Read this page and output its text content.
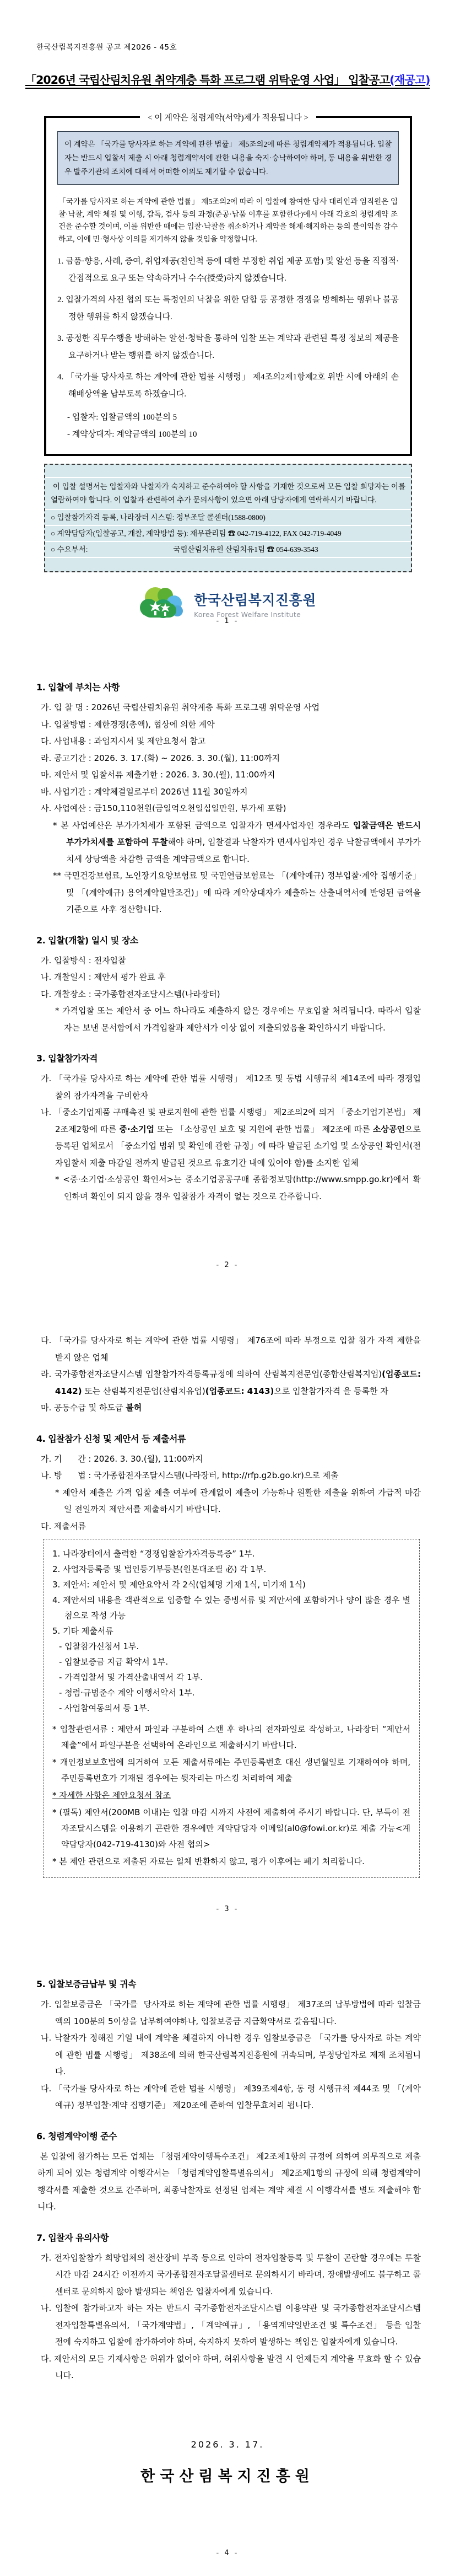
한국산림복지진흥원 공고 제2026 - 45호

「2026년 국립산림치유원 취약계층 특화 프로그램 위탁운영 사업」 입찰공고(재공고)
< 이 계약은 청렴계약(서약)제가 적용됩니다 >
이 계약은 「국가를 당사자로 하는 계약에 관한 법률」 제5조의2에 따른 청렴계약제가 적용됩니다. 입찰자는 반드시 입찰서 제출 시 아래 청렴계약서에 관한 내용을 숙지·승낙하여야 하며, 동 내용을 위반한 경우 발주기관의 조치에 대해서 어떠한 이의도 제기할 수 없습니다.

「국가를 당사자로 하는 계약에 관한 법률」 제5조의2에 따라 이 입찰에 참여한 당사 대리인과 임직원은 입찰·낙찰, 계약 체결 및 이행, 감독, 검사 등의 과정(준공·납품 이후를 포함한다)에서 아래 각호의 청렴계약 조건을 준수할 것이며, 이를 위반한 때에는 입찰·낙찰을 취소하거나 계약을 해제·해지하는 등의 불이익을 감수하고, 이에 민·형사상 이의를 제기하지 않을 것임을 약정합니다.

1. 금품·향응, 사례, 증여, 취업제공(친인척 등에 대한 부정한 취업 제공 포함) 및 알선 등을 직접적·간접적으로 요구 또는 약속하거나 수수(授受)하지 않겠습니다.

2. 입찰가격의 사전 협의 또는 특정인의 낙찰을 위한 담합 등 공정한 경쟁을 방해하는 행위나 불공정한 행위를 하지 않겠습니다.

3. 공정한 직무수행을 방해하는 알선·청탁을 통하여 입찰 또는 계약과 관련된 특정 정보의 제공을 요구하거나 받는 행위를 하지 않겠습니다.

4. 「국가를 당사자로 하는 계약에 관한 법률 시행령」 제4조의2제1항제2호 위반 시에 아래의 손해배상액을 납부토록 하겠습니다.

- 입찰자: 입찰금액의 100분의 5

- 계약상대자: 계약금액의 100분의 10

이 입찰 설명서는 입찰자와 낙찰자가 숙지하고 준수하여야 할 사항을 기재한 것으로써 모든 입찰 희망자는 이를 열람하여야 합니다. 이 입찰과 관련하여 추가 문의사항이 있으면 아래 담당자에게 연락하시기 바랍니다.
○ 입찰참가자격 등록, 나라장터 시스템: 정부조달 콜센터(1588-0800)
○ 계약담당자(입찰공고, 개찰, 계약방법 등): 재무관리팀 ☎ 042-719-4122, FAX 042-719-4049
○ 수요부서:	국립산림치유원 산림치유1팀 ☎ 054-639-3543
한국산림복지진흥원
Korea Forest Welfare Institute
- 1 -
1. 입찰에 부치는 사항

가. 입 찰 명 : 2026년 국립산림치유원 취약계층 특화 프로그램 위탁운영 사업

나. 입찰방법 : 제한경쟁(총액), 협상에 의한 계약

다. 사업내용 : 과업지시서 및 제안요청서 참고

라. 공고기간 : 2026. 3. 17.(화) ~ 2026. 3. 30.(월), 11:00까지

마. 제안서 및 입찰서류 제출기한 : 2026. 3. 30.(월), 11:00까지

바. 사업기간 : 계약체결일로부터 2026년 11월 30일까지

사. 사업예산 : 금150,110천원(금일억오천일십일만원, 부가세 포함)

* 본 사업예산은 부가가치세가 포함된 금액으로 입찰자가 면세사업자인 경우라도 입찰금액은 반드시 부가가치세를 포함하여 투찰해야 하며, 입찰결과 낙찰자가 면세사업자인 경우 낙찰금액에서 부가가치세 상당액을 차감한 금액을 계약금액으로 합니다.

** 국민건강보험료, 노인장기요양보험료 및 국민연금보험료는 「(계약예규) 정부입찰·계약 집행기준」 및 「(계약예규) 용역계약일반조건)」에 따라 계약상대자가 제출하는 산출내역서에 반영된 금액을 기준으로 사후 정산합니다.

2. 입찰(개찰) 일시 및 장소

가. 입찰방식 : 전자입찰

나. 개찰일시 : 제안서 평가 완료 후

다. 개찰장소 : 국가종합전자조달시스템(나라장터)

* 가격입찰 또는 제안서 중 어느 하나라도 제출하지 않은 경우에는 무효입찰 처리됩니다. 따라서 입찰자는 보낸 문서함에서 가격입찰과 제안서가 이상 없이 제출되었음을 확인하시기 바랍니다.

3. 입찰참가자격

가. 「국가를 당사자로 하는 계약에 관한 법률 시행령」 제12조 및 동법 시행규칙 제14조에 따라 경쟁입찰의 참가자격을 구비한자

나. 「중소기업제품 구매촉진 및 판로지원에 관한 법률 시행령」 제2조의2에 의거 「중소기업기본법」 제2조제2항에 따른 중·소기업 또는 「소상공인 보호 및 지원에 관한 법률」 제2조에 따른 소상공인으로 등록된 업체로서 「중소기업 범위 및 확인에 관한 규정」에 따라 발급된 소기업 및 소상공인 확인서(전자입찰서 제출 마감일 전까지 발급된 것으로 유효기간 내에 있어야 함)를 소지한 업체

* <중·소기업·소상공인 확인서>는 중소기업공공구매 종합정보망(http://www.smpp.go.kr)에서 확인하며 확인이 되지 않을 경우 입찰참가 자격이 없는 것으로 간주합니다.

- 2 -

다. 「국가를 당사자로 하는 계약에 관한 법률 시행령」 제76조에 따라 부정으로 입찰 참가 자격 제한을 받지 않은 업체

라. 국가종합전자조달시스템 입찰참가자격등록규정에 의하여 산림복지전문업(종합산림복지업)(업종코드: 4142) 또는 산림복지전문업(산림치유업)(업종코드: 4143)으로 입찰참가자격 을 등록한 자

마. 공동수급 및 하도급 불허

4. 입찰참가 신청 및 제안서 등 제출서류

가. 기      간 : 2026. 3. 30.(월), 11:00까지

나. 방      법 : 국가종합전자조달시스템(나라장터, http://rfp.g2b.go.kr)으로 제출

* 제안서 제출은 가격 입찰 제출 여부에 관계없이 제출이 가능하나 원활한 제출을 위하여 가급적 마감일 전일까지 제안서를 제출하시기 바랍니다.

다. 제출서류

1. 나라장터에서 출력한 “경쟁입찰참가자격등록증” 1부.

2. 사업자등록증 및 법인등기부등본(원본대조필 必) 각 1부.

3. 제안서: 제안서 및 제안요약서 각 2식(업체명 기재 1식, 미기재 1식)

4. 제안서의 내용을 객관적으로 입증할 수 있는 증빙서류 및 제안서에 포함하거나 양이 많을 경우 별첨으로 작성 가능

5. 기타 제출서류

- 입찰참가신청서 1부.

- 입찰보증금 지급 확약서 1부.

- 가격입찰서 및 가격산출내역서 각 1부.

- 청렴·규범준수 계약 이행서약서 1부.

- 사업참여동의서 등 1부.

* 입찰관련서류 : 제안서 파일과 구분하여 스캔 후 하나의 전자파일로 작성하고, 나라장터 “제안서 제출”에서 파일구분을 선택하여 온라인으로 제출하시기 바랍니다.

* 개인정보보호법에 의거하여 모든 제출서류에는 주민등록번호 대신 생년월일로 기재하여야 하며, 주민등록번호가 기재된 경우에는 뒷자리는 마스킹 처리하여 제출

* 자세한 사항은 제안요청서 참조

* (필독) 제안서(200MB 이내)는 입찰 마감 시까지 사전에 제출하여 주시기 바랍니다. 단, 부득이 전자조달시스템을 이용하기 곤란한 경우에만 계약담당자 이메일(al0@fowi.or.kr)로 제출 가능<계약담당자(042-719-4130)와 사전 협의>

* 본 제안 관련으로 제출된 자료는 일체 반환하지 않고, 평가 이후에는 폐기 처리합니다.

- 3 -
5. 입찰보증금납부 및 귀속

가. 입찰보증금은 「국가를  당사자로 하는 계약에 관한 법률 시행령」 제37조의 납부방법에 따라 입찰금액의 100분의 5이상을 납부하여야하나, 입찰보증금 지급확약서로 갈음됩니다.

나. 낙찰자가 정해진 기일 내에 계약을 체결하지 아니한 경우 입찰보증금은 「국가를 당사자로 하는 계약에 관한 법률 시행령」 제38조에 의해 한국산림복지진흥원에 귀속되며, 부정당업자로 제재 조치됩니다.

다. 「국가를 당사자로 하는 계약에 관한 법률 시행령」 제39조제4항, 동 령 시행규칙 제44조 및 「(계약예규) 정부입찰·계약 집행기준」 제20조에 준하여 입찰무효처리 됩니다.

6. 청렴계약이행 준수

본 입찰에 참가하는 모든 업체는 「청렴계약이행특수조건」 제2조제1항의 규정에 의하여 의무적으로 제출하게 되어 있는 청렴계약 이행각서는 「청렴계약입찰특별유의서」 제2조제1항의 규정에 의해 청렴계약이행각서를 제출한 것으로 간주하며, 최종낙찰자로 선정된 업체는 계약 체결 시 이행각서를 별도 제출해야 합니다.

7. 입찰자 유의사항

가. 전자입찰참가 희망업체의 전산장비 부족 등으로 인하여 전자입찰등록 및 투찰이 곤란할 경우에는 투찰시간 마감 24시간 이전까지 국가종합전자조달콜센터로 문의하시기 바라며, 장애발생에도 불구하고 콜센터로 문의하지 않아 발생되는 책임은 입찰자에게 있습니다.

나. 입찰에 참가하고자 하는 자는 반드시 국가종합전자조달시스템 이용약관 및 국가종합전자조달시스템  전자입찰특별유의서, 「국가계약법」, 「계약예규」, 「용역계약일반조건 및 특수조건」 등을 입찰 전에 숙지하고 입찰에 참가하여야 하며, 숙지하지 못하여 발생하는 책임은 입찰자에게 있습니다.

다. 제안서의 모든 기재사항은 허위가 없어야 하며, 허위사항을 발견 시 언제든지 계약을 무효화 할 수 있습니다.

2026. 3. 17.

한국산림복지진흥원

- 4 -
